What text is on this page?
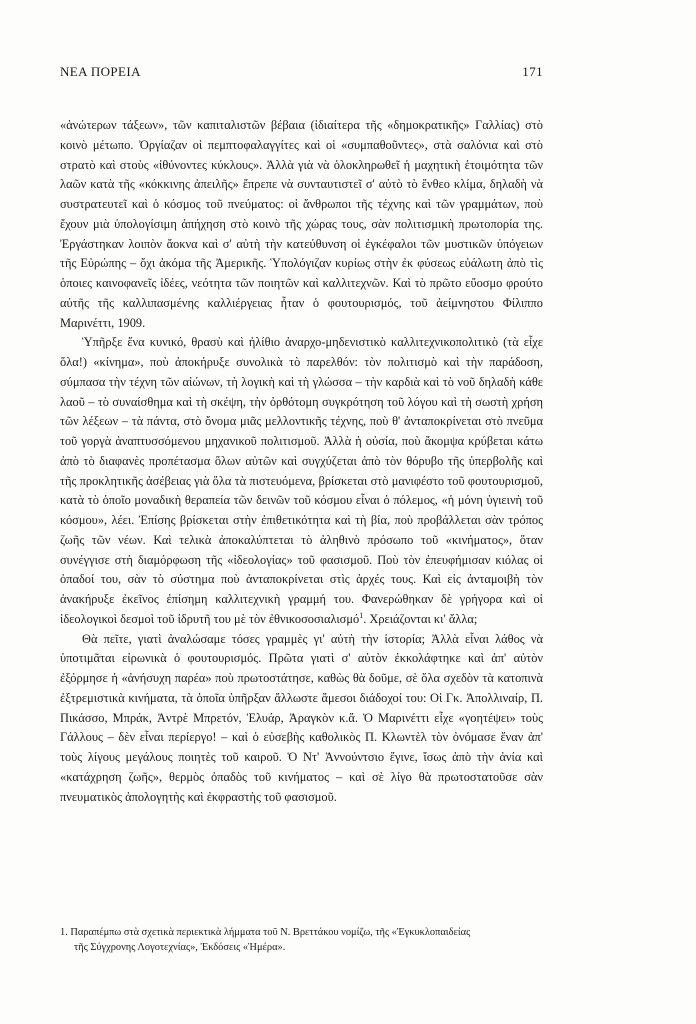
ΝΕΑ ΠΟΡΕΙΑ	171

«ἀνώτερων τάξεων», τῶν καπιταλιστῶν βέβαια (ἰδιαίτερα τῆς «δημοκρατικῆς» Γαλλίας) στὸ κοινὸ μέτωπο. Ὀργίαζαν οἱ πεμπτοφαλαγγίτες καὶ οἱ «συμπαθοῦντες», στὰ σαλόνια καὶ στὸ στρατὸ καὶ στοὺς «ἰθύνοντες κύκλους». Ἀλλὰ γιὰ νὰ ὁλοκληρωθεῖ ἡ μαχητικὴ ἑτοιμότητα τῶν λαῶν κατὰ τῆς «κόκκινης ἀπειλῆς» ἔπρεπε νὰ συνταυτιστεῖ σ' αὐτὸ τὸ ἔνθεο κλίμα, δηλαδὴ νὰ συστρατευτεῖ καὶ ὁ κόσμος τοῦ πνεύματος: οἱ ἄνθρωποι τῆς τέχνης καὶ τῶν γραμμάτων, ποὺ ἔχουν μιὰ ὑπολογίσιμη ἀπήχηση στὸ κοινὸ τῆς χώρας τους, σὰν πολιτισμικὴ πρωτοπορία της. Ἐργάστηκαν λοιπὸν ἄοκνα καὶ σ' αὐτὴ τὴν κατεύθυνση οἱ ἐγκέφαλοι τῶν μυστικῶν ὑπόγειων τῆς Εὐρώπης – ὄχι ἀκόμα τῆς Ἀμερικῆς. Ὑπολόγιζαν κυρίως στὴν ἐκ φύσεως εὐάλωτη ἀπὸ τὶς ὁποιες καινοφανεῖς ἰδέες, νεότητα τῶν ποιητῶν καὶ καλλιτεχνῶν. Καὶ τὸ πρῶτο εὔοσμο φρούτο αὐτῆς τῆς καλλιπασμένης καλλιέργειας ἦταν ὁ φουτουρισμός, τοῦ ἀείμνηστου Φίλιππο Μαρινέττι, 1909.

Ὑπῆρξε ἕνα κυνικό, θρασὺ καὶ ἠλίθιο ἀναρχο-μηδενιστικὸ καλλιτεχνικοπολιτικὸ (τὰ εἶχε ὅλα!) «κίνημα», ποὺ ἀποκήρυξε συνολικὰ τὸ παρελθόν: τὸν πολιτισμὸ καὶ τὴν παράδοση, σύμπασα τὴν τέχνη τῶν αἰώνων, τὴ λογικὴ καὶ τὴ γλώσσα – τὴν καρδιὰ καὶ τὸ νοῦ δηλαδὴ κάθε λαοῦ – τὸ συναίσθημα καὶ τὴ σκέψη, τὴν ὀρθότομη συγκρότηση τοῦ λόγου καὶ τὴ σωστὴ χρήση τῶν λέξεων – τὰ πάντα, στὸ ὄνομα μιᾶς μελλοντικῆς τέχνης, ποὺ θ' ἀνταποκρίνεται στὸ πνεῦμα τοῦ γοργὰ ἀναπτυσσόμενου μηχανικοῦ πολιτισμοῦ. Ἀλλὰ ἡ οὐσία, ποὺ ἄκομψα κρύβεται κάτω ἀπὸ τὸ διαφανὲς προπέτασμα ὅλων αὐτῶν καὶ συγχύζεται ἀπὸ τὸν θόρυβο τῆς ὑπερβολῆς καὶ τῆς προκλητικῆς ἀσέβειας γιὰ ὅλα τὰ πιστευόμενα, βρίσκεται στὸ μανιφέστο τοῦ φουτουρισμοῦ, κατὰ τὸ ὁποῖο μοναδικὴ θεραπεία τῶν δεινῶν τοῦ κόσμου εἶναι ὁ πόλεμος, «ἡ μόνη ὑγιεινὴ τοῦ κόσμου», λέει. Ἐπίσης βρίσκεται στὴν ἐπιθετικότητα καὶ τὴ βία, ποὺ προβάλλεται σὰν τρόπος ζωῆς τῶν νέων. Καὶ τελικὰ ἀποκαλύπτεται τὸ ἀληθινὸ πρόσωπο τοῦ «κινήματος», ὅταν συνέγγισε στὴ διαμόρφωση τῆς «ἰδεολογίας» τοῦ φασισμοῦ. Ποὺ τὸν ἐπευφήμισαν κιόλας οἱ ὀπαδοί του, σὰν τὸ σύστημα ποὺ ἀνταποκρίνεται στὶς ἀρχές τους. Καὶ εἰς ἀνταμοιβὴ τὸν ἀνακήρυξε ἐκεῖνος ἐπίσημη καλλιτεχνικὴ γραμμή του. Φανερώθηκαν δὲ γρήγορα καὶ οἱ ἰδεολογικοὶ δεσμοὶ τοῦ ἱδρυτῆ του μὲ τὸν ἐθνικοσοσιαλισμό$^1$. Χρειάζονται κι' ἄλλα;

Θὰ πεῖτε, γιατὶ ἀναλώσαμε τόσες γραμμὲς γι' αὐτὴ τὴν ἱστορία; Ἀλλὰ εἶναι λάθος νὰ ὑποτιμᾶται εἰρωνικὰ ὁ φουτουρισμός. Πρῶτα γιατὶ σ' αὐτὸν ἐκκολάφτηκε καὶ ἀπ' αὐτὸν ἐξόρμησε ἡ «ἀνήσυχη παρέα» ποὺ πρωτοστάτησε, καθὼς θὰ δοῦμε, σὲ ὅλα σχεδὸν τὰ κατοπινὰ ἐξτρεμιστικὰ κινήματα, τὰ ὁποῖα ὑπῆρξαν ἄλλωστε ἄμεσοι διάδοχοί του: Οἱ Γκ. Ἀπολλιναίρ, Π. Πικάσσο, Μπράκ, Ἀντρὲ Μπρετόν, Ἐλυάρ, Ἀραγκὸν κ.ἄ. Ὁ Μαρινέττι εἶχε «γοητέψει» τοὺς Γάλλους – δὲν εἶναι περίεργο! – καὶ ὁ εὐσεβὴς καθολικὸς Π. Κλωντὲλ τὸν ὀνόμασε ἕναν ἀπ' τοὺς λίγους μεγάλους ποιητὲς τοῦ καιροῦ. Ὁ Ντ' Ἀννούντσιο ἔγινε, ἴσως ἀπὸ τὴν ἀνία καὶ «κατάχρηση ζωῆς», θερμὸς ὀπαδὸς τοῦ κινήματος – καὶ σὲ λίγο θὰ πρωτοστατοῦσε σὰν πνευματικὸς ἀπολογητὴς καὶ ἐκφραστὴς τοῦ φασισμοῦ.

1. Παραπέμπω στὰ σχετικὰ περιεκτικὰ λήμματα τοῦ Ν. Βρεττάκου νομίζω, τῆς «Ἐγκυκλοπαιδείας
τῆς Σύγχρονης Λογοτεχνίας», Ἐκδόσεις «Ἡμέρα».
